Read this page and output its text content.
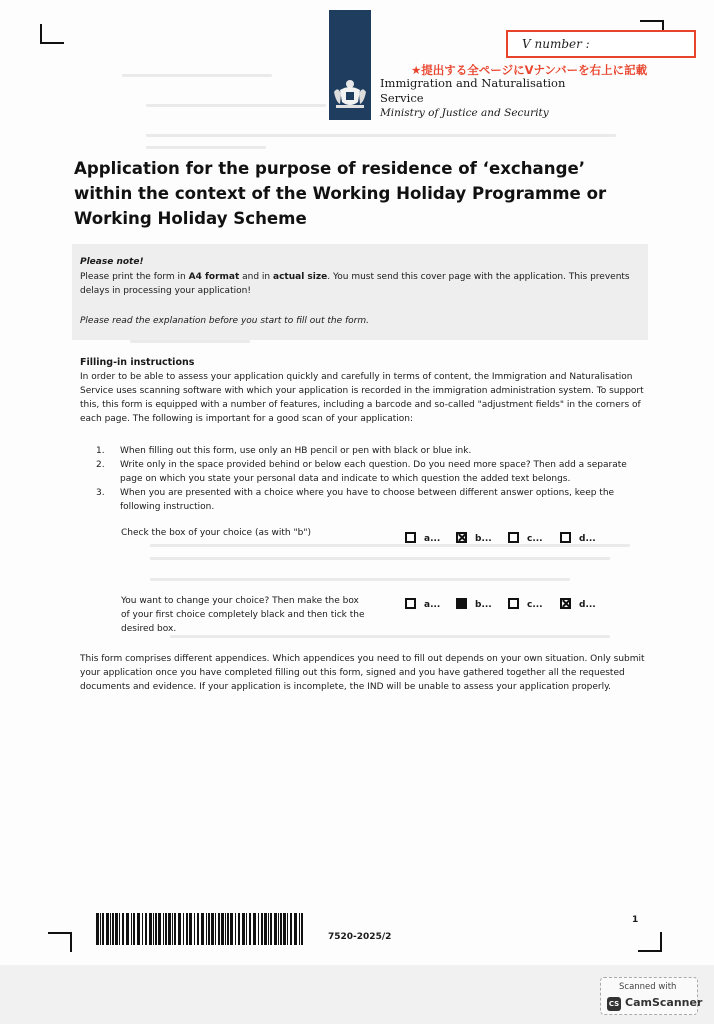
Immigration and Naturalisation
Service
Ministry of Justice and Security
V number :
★提出する全ページにVナンバーを右上に記載
Application for the purpose of residence of ‘exchange’ within the context of the Working Holiday Programme or Working Holiday Scheme
Please note!
Please print the form in A4 format and in actual size. You must send this cover page with the application. This prevents delays in processing your application!
Please read the explanation before you start to fill out the form.
Filling-in instructions
In order to be able to assess your application quickly and carefully in terms of content, the Immigration and Naturalisation Service uses scanning software with which your application is recorded in the immigration administration system. To support this, this form is equipped with a number of features, including a barcode and so-called "adjustment fields" in the corners of each page. The following is important for a good scan of your application:
1. When filling out this form, use only an HB pencil or pen with black or blue ink.
2. Write only in the space provided behind or below each question. Do you need more space? Then add a separate page on which you state your personal data and indicate to which question the added text belongs.
3. When you are presented with a choice where you have to choose between different answer options, keep the following instruction.
Check the box of your choice (as with "b")
a...	b...	c...	d...
You want to change your choice? Then make the box of your first choice completely black and then tick the desired box.
a...	b...	c...	d...
This form comprises different appendices. Which appendices you need to fill out depends on your own situation. Only submit your application once you have completed filling out this form, signed and you have gathered together all the requested documents and evidence. If your application is incomplete, the IND will be unable to assess your application properly.
7520-2025/2
1
Scanned with
CS CamScanner
